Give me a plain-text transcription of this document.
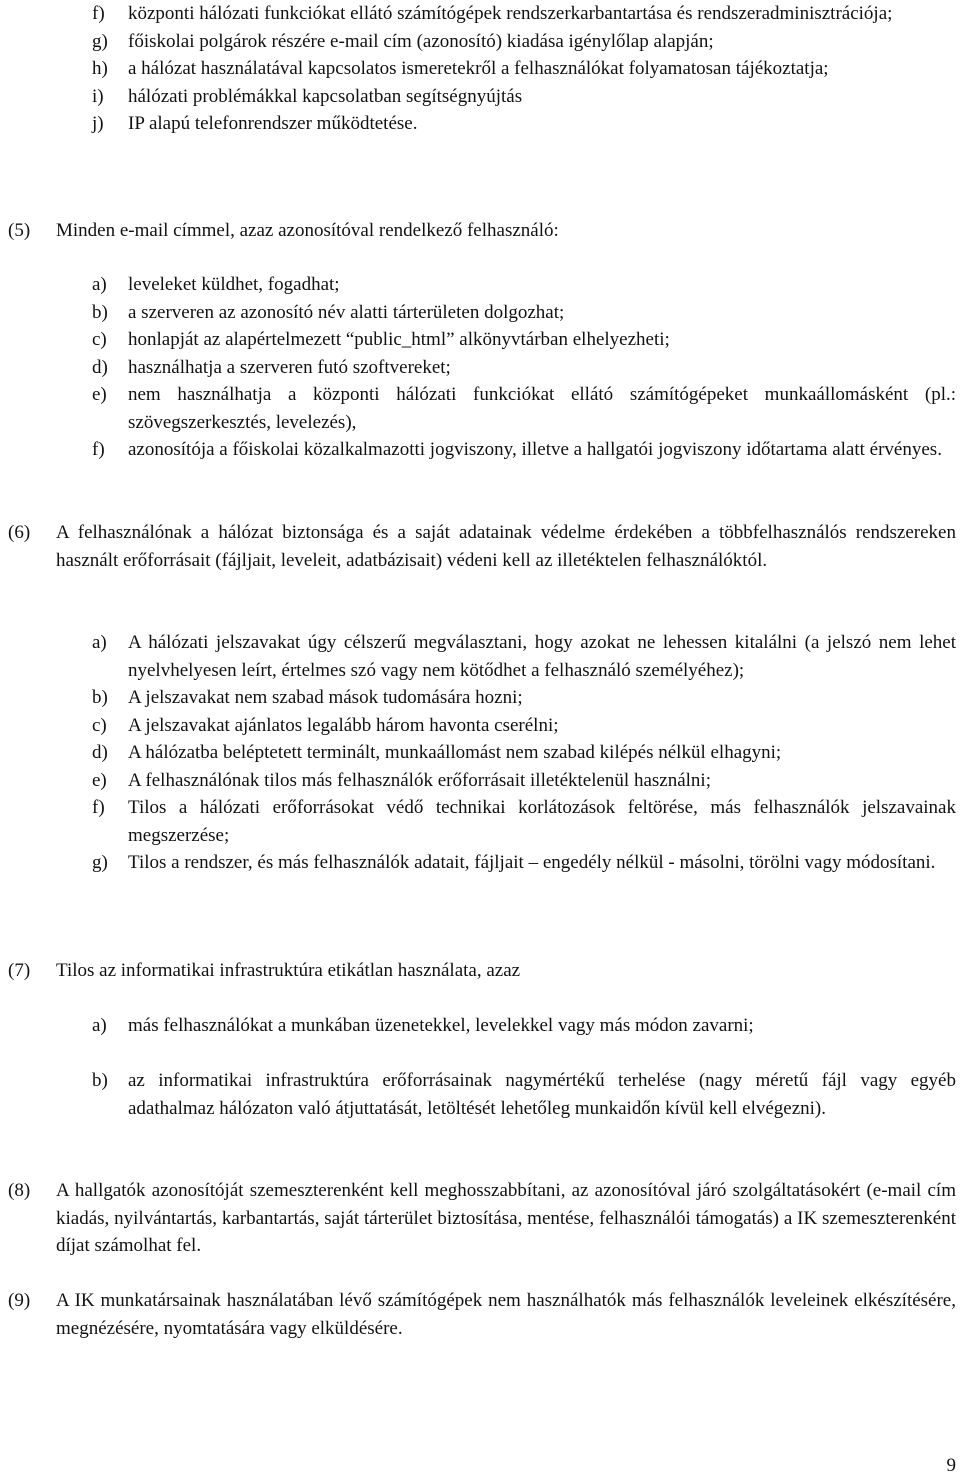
f) központi hálózati funkciókat ellátó számítógépek rendszerkarbantartása és rendszeradminisztrációja;
g) főiskolai polgárok részére e-mail cím (azonosító) kiadása igénylőlap alapján;
h) a hálózat használatával kapcsolatos ismeretekről a felhasználókat folyamatosan tájékoztatja;
i) hálózati problémákkal kapcsolatban segítségnyújtás
j) IP alapú telefonrendszer működtetése.
(5) Minden e-mail címmel, azaz azonosítóval rendelkező felhasználó:
a) leveleket küldhet, fogadhat;
b) a szerveren az azonosító név alatti tárterületen dolgozhat;
c) honlapját az alapértelmezett “public_html” alkönyvtárban elhelyezheti;
d) használhatja a szerveren futó szoftvereket;
e) nem használhatja a központi hálózati funkciókat ellátó számítógépeket munkaállomásként (pl.: szövegszerkesztés, levelezés),
f) azonosítója a főiskolai közalkalmazotti jogviszony, illetve a hallgatói jogviszony időtartama alatt érvényes.
(6) A felhasználónak a hálózat biztonsága és a saját adatainak védelme érdekében a többfelhasználós rendszereken használt erőforrásait (fájljait, leveleit, adatbázisait) védeni kell az illetéktelen felhasználóktól.
a) A hálózati jelszavakat úgy célszerű megválasztani, hogy azokat ne lehessen kitalálni (a jelszó nem lehet nyelvhelyesen leírt, értelmes szó vagy nem kötődhet a felhasználó személyéhez);
b) A jelszavakat nem szabad mások tudomására hozni;
c) A jelszavakat ajánlatos legalább három havonta cserélni;
d) A hálózatba beléptetett terminált, munkaállomást nem szabad kilépés nélkül elhagyni;
e) A felhasználónak tilos más felhasználók erőforrásait illetéktelenül használni;
f) Tilos a hálózati erőforrásokat védő technikai korlátozások feltörése, más felhasználók jelszavainak megszerzése;
g) Tilos a rendszer, és más felhasználók adatait, fájljait – engedély nélkül - másolni, törölni vagy módosítani.
(7) Tilos az informatikai infrastruktúra etikátlan használata, azaz
a) más felhasználókat a munkában üzenetekkel, levelekkel vagy más módon zavarni;
b) az informatikai infrastruktúra erőforrásainak nagymértékű terhelése (nagy méretű fájl vagy egyéb adathalmaz hálózaton való átjuttatását, letöltését lehetőleg munkaidőn kívül kell elvégezni).
(8) A hallgatók azonosítóját szemeszterenként kell meghosszabbítani, az azonosítóval járó szolgáltatásokért (e-mail cím kiadás, nyilvántartás, karbantartás, saját tárterület biztosítása, mentése, felhasználói támogatás) a IK szemeszterenként díjat számolhat fel.
(9) A IK munkatársainak használatában lévő számítógépek nem használhatók más felhasználók leveleinek elkészítésére, megnézésére, nyomtatására vagy elküldésére.
9
